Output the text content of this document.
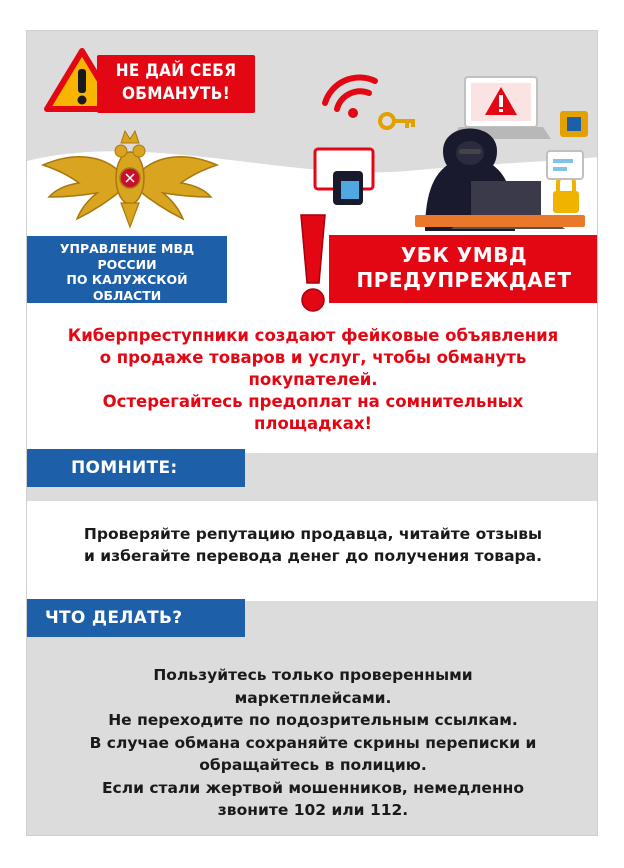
НЕ ДАЙ СЕБЯ
ОБМАНУТЬ!
УПРАВЛЕНИЕ МВД
РОССИИ
ПО КАЛУЖСКОЙ
ОБЛАСТИ
УБК УМВД
ПРЕДУПРЕЖДАЕТ
Киберпреступники создают фейковые объявления
о продаже товаров и услуг, чтобы обмануть
покупателей.
Остерегайтесь предоплат на сомнительных
площадках!
ПОМНИТЕ:
Проверяйте репутацию продавца, читайте отзывы
и избегайте перевода денег до получения товара.
ЧТО ДЕЛАТЬ?
Пользуйтесь только проверенными
маркетплейсами.
Не переходите по подозрительным ссылкам.
В случае обмана сохраняйте скрины переписки и
обращайтесь в полицию.
Если стали жертвой мошенников, немедленно
звоните 102 или 112.
